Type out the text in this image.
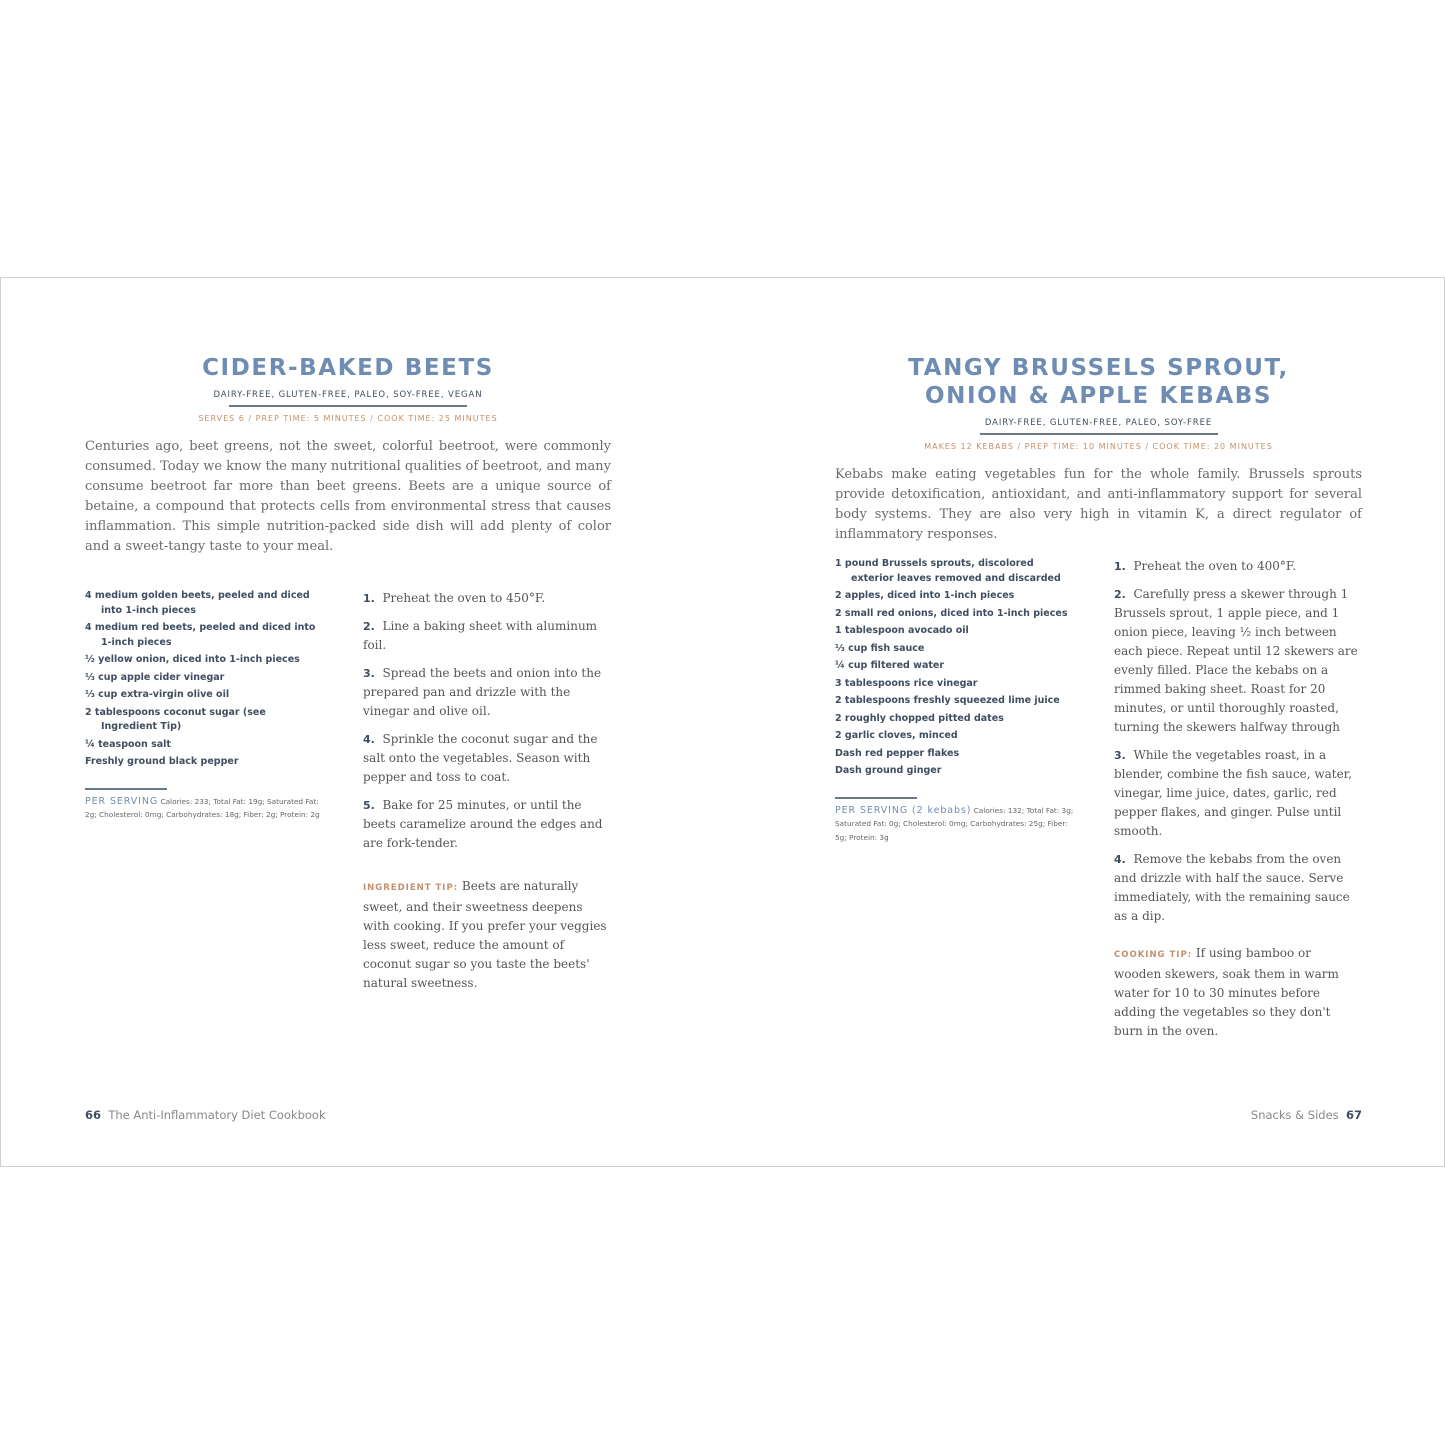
CIDER-BAKED BEETS
DAIRY-FREE, GLUTEN-FREE, PALEO, SOY-FREE, VEGAN
SERVES 6 / PREP TIME: 5 MINUTES / COOK TIME: 25 MINUTES

Centuries ago, beet greens, not the sweet, colorful beetroot, were commonly consumed. Today we know the many nutritional qualities of beetroot, and many consume beetroot far more than beet greens. Beets are a unique source of betaine, a compound that protects cells from environmental stress that causes inflammation. This simple nutrition-packed side dish will add plenty of color and a sweet-tangy taste to your meal.

4 medium golden beets, peeled and diced into 1-inch pieces
4 medium red beets, peeled and diced into 1-inch pieces
½ yellow onion, diced into 1-inch pieces
⅓ cup apple cider vinegar
⅓ cup extra-virgin olive oil
2 tablespoons coconut sugar (see Ingredient Tip)
¼ teaspoon salt
Freshly ground black pepper
PER SERVING Calories: 233; Total Fat: 19g; Saturated Fat: 2g; Cholesterol: 0mg; Carbohydrates: 18g; Fiber: 2g; Protein: 2g
1. Preheat the oven to 450°F.
2. Line a baking sheet with aluminum foil.
3. Spread the beets and onion into the prepared pan and drizzle with the vinegar and olive oil.
4. Sprinkle the coconut sugar and the salt onto the vegetables. Season with pepper and toss to coat.
5. Bake for 25 minutes, or until the beets caramelize around the edges and are fork-tender.
INGREDIENT TIP: Beets are naturally sweet, and their sweetness deepens with cooking. If you prefer your veggies less sweet, reduce the amount of coconut sugar so you taste the beets' natural sweetness.
66 The Anti-Inflammatory Diet Cookbook
TANGY BRUSSELS SPROUT,
ONION & APPLE KEBABS
DAIRY-FREE, GLUTEN-FREE, PALEO, SOY-FREE
MAKES 12 KEBABS / PREP TIME: 10 MINUTES / COOK TIME: 20 MINUTES

Kebabs make eating vegetables fun for the whole family. Brussels sprouts provide detoxification, antioxidant, and anti-inflammatory support for several body systems. They are also very high in vitamin K, a direct regulator of inflammatory responses.

1 pound Brussels sprouts, discolored exterior leaves removed and discarded
2 apples, diced into 1-inch pieces
2 small red onions, diced into 1-inch pieces
1 tablespoon avocado oil
⅓ cup fish sauce
¼ cup filtered water
3 tablespoons rice vinegar
2 tablespoons freshly squeezed lime juice
2 roughly chopped pitted dates
2 garlic cloves, minced
Dash red pepper flakes
Dash ground ginger
PER SERVING (2 kebabs) Calories: 132; Total Fat: 3g; Saturated Fat: 0g; Cholesterol: 0mg; Carbohydrates: 25g; Fiber: 5g; Protein: 3g
1. Preheat the oven to 400°F.
2. Carefully press a skewer through 1 Brussels sprout, 1 apple piece, and 1 onion piece, leaving ½ inch between each piece. Repeat until 12 skewers are evenly filled. Place the kebabs on a rimmed baking sheet. Roast for 20 minutes, or until thoroughly roasted, turning the skewers halfway through
3. While the vegetables roast, in a blender, combine the fish sauce, water, vinegar, lime juice, dates, garlic, red pepper flakes, and ginger. Pulse until smooth.
4. Remove the kebabs from the oven and drizzle with half the sauce. Serve immediately, with the remaining sauce as a dip.
COOKING TIP: If using bamboo or wooden skewers, soak them in warm water for 10 to 30 minutes before adding the vegetables so they don't burn in the oven.
Snacks & Sides 67
